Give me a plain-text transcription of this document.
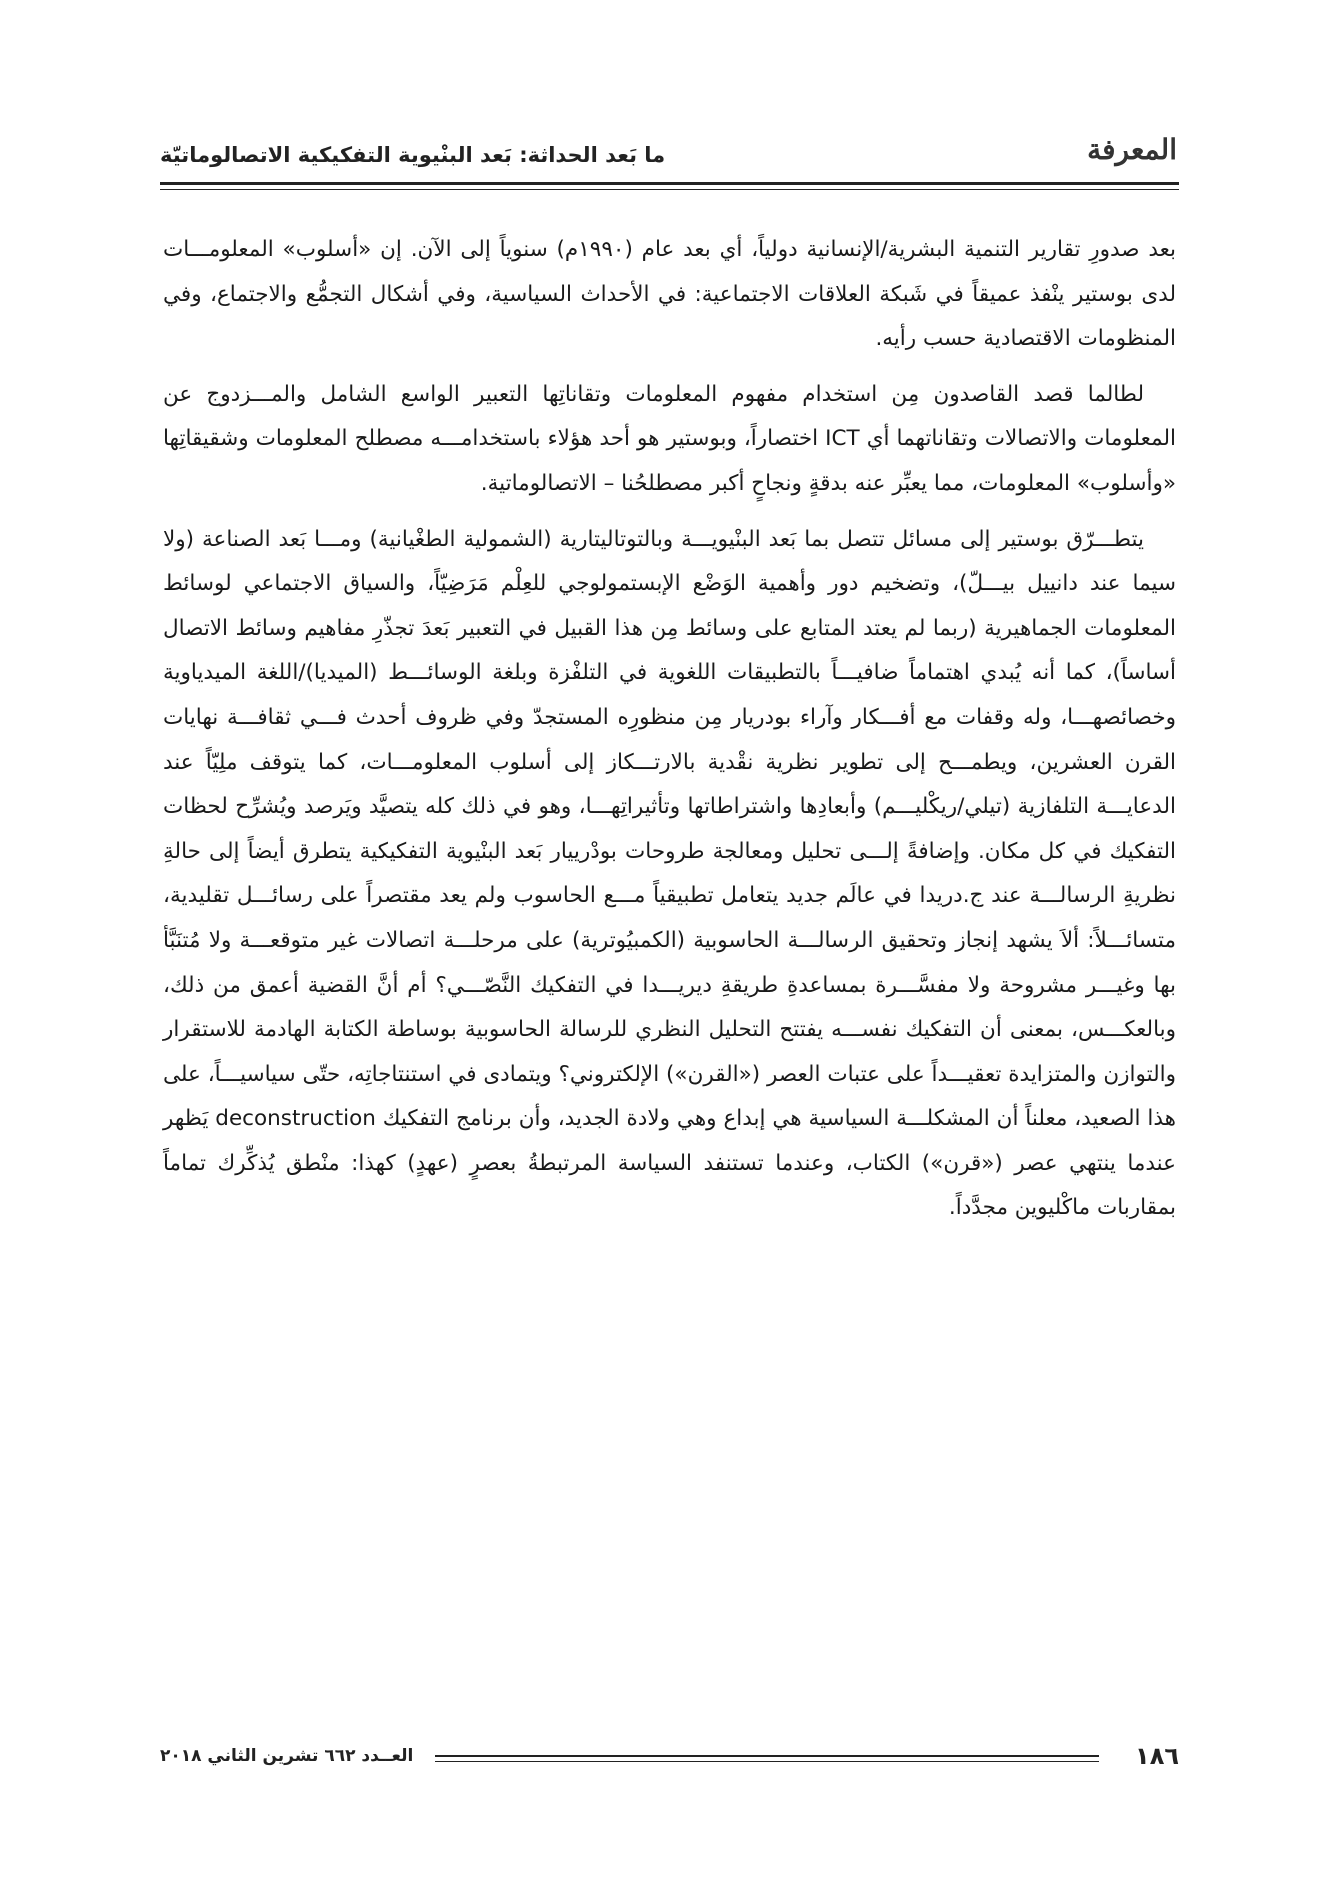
المعرفة
ما بَعد الحداثة: بَعد البنْيوية التفكيكية الاتصالوماتيّة

بعد صدورِ تقارير التنمية البشرية/الإنسانية دولياً، أي بعد عام (١٩٩٠م) سنوياً إلى الآن. إن «أسلوب» المعلومـــات لدى بوستير ينْفذ عميقاً في شَبكة العلاقات الاجتماعية: في الأحداث السياسية، وفي أشكال التجمُّع والاجتماع، وفي المنظومات الاقتصادية حسب رأيه.

لطالما قصد القاصدون مِن استخدام مفهوم المعلومات وتقاناتِها التعبير الواسع الشامل والمـــزدوج عن المعلومات والاتصالات وتقاناتهما أي ICT اختصاراً، وبوستير هو أحد هؤلاء باستخدامـــه مصطلح المعلومات وشقيقاتِها «وأسلوب» المعلومات، مما يعبِّر عنه بدقةٍ ونجاحٍ أكبر مصطلحُنا – الاتصالوماتية.

يتطـــرّق بوستير إلى مسائل تتصل بما بَعد البنْيويـــة وبالتوتاليتارية (الشمولية الطغْيانية) ومـــا بَعد الصناعة (ولا سيما عند دانييل بيـــلّ)، وتضخيم دور وأهمية الوَضْع الإبستمولوجي للعِلْم مَرَضِيّاً، والسياق الاجتماعي لوسائط المعلومات الجماهيرية (ربما لم يعتد المتابع على وسائط مِن هذا القبيل في التعبير بَعدَ تجذّرِ مفاهيم وسائط الاتصال أساساً)، كما أنه يُبدي اهتماماً ضافيـــاً بالتطبيقات اللغوية في التلفْزة وبلغة الوسائـــط (الميديا)/اللغة الميدياوية وخصائصهـــا، وله وقفات مع أفـــكار وآراء بودريار مِن منظورِه المستجدّ وفي ظروف أحدث فـــي ثقافـــة نهايات القرن العشرين، ويطمـــح إلى تطوير نظرية نقْدية بالارتـــكاز إلى أسلوب المعلومـــات، كما يتوقف ملِيّاً عند الدعايـــة التلفازية (تيلي/ريكْليـــم) وأبعادِها واشتراطاتها وتأثيراتِهـــا، وهو في ذلك كله يتصيَّد ويَرصد ويُشرِّح لحظات التفكيك في كل مكان. وإضافةً إلـــى تحليل ومعالجة طروحات بودْرييار بَعد البنْيوية التفكيكية يتطرق أيضاً إلى حالةِ نظريةِ الرسالـــة عند ج.دريدا في عالَم جديد يتعامل تطبيقياً مـــع الحاسوب ولم يعد مقتصراً على رسائـــل تقليدية، متسائـــلاً: ألاَ يشهد إنجاز وتحقيق الرسالـــة الحاسوبية (الكمبيُوترية) على مرحلـــة اتصالات غير متوقعـــة ولا مُتنَبَّأ بها وغيـــر مشروحة ولا مفسَّـــرة بمساعدةِ طريقةِ ديريـــدا في التفكيك النَّصّـــي؟ أم أنَّ القضية أعمق من ذلك، وبالعكـــس، بمعنى أن التفكيك نفســـه يفتتح التحليل النظري للرسالة الحاسوبية بوساطة الكتابة الهادمة للاستقرار والتوازن والمتزايدة تعقيـــداً على عتبات العصر («القرن») الإلكتروني؟ ويتمادى في استنتاجاتِه، حتّى سياسيـــاً، على هذا الصعيد، معلناً أن المشكلـــة السياسية هي إبداع وهي ولادة الجديد، وأن برنامج التفكيك deconstruction يَظهر عندما ينتهي عصر («قرن») الكتاب، وعندما تستنفد السياسة المرتبطةُ بعصرٍ (عهدٍ) كهذا: منْطق يُذكِّرك تماماً بمقاربات ماكْليوين مجدَّداً.

١٨٦
العــدد ٦٦٢ تشرين الثاني ٢٠١٨
